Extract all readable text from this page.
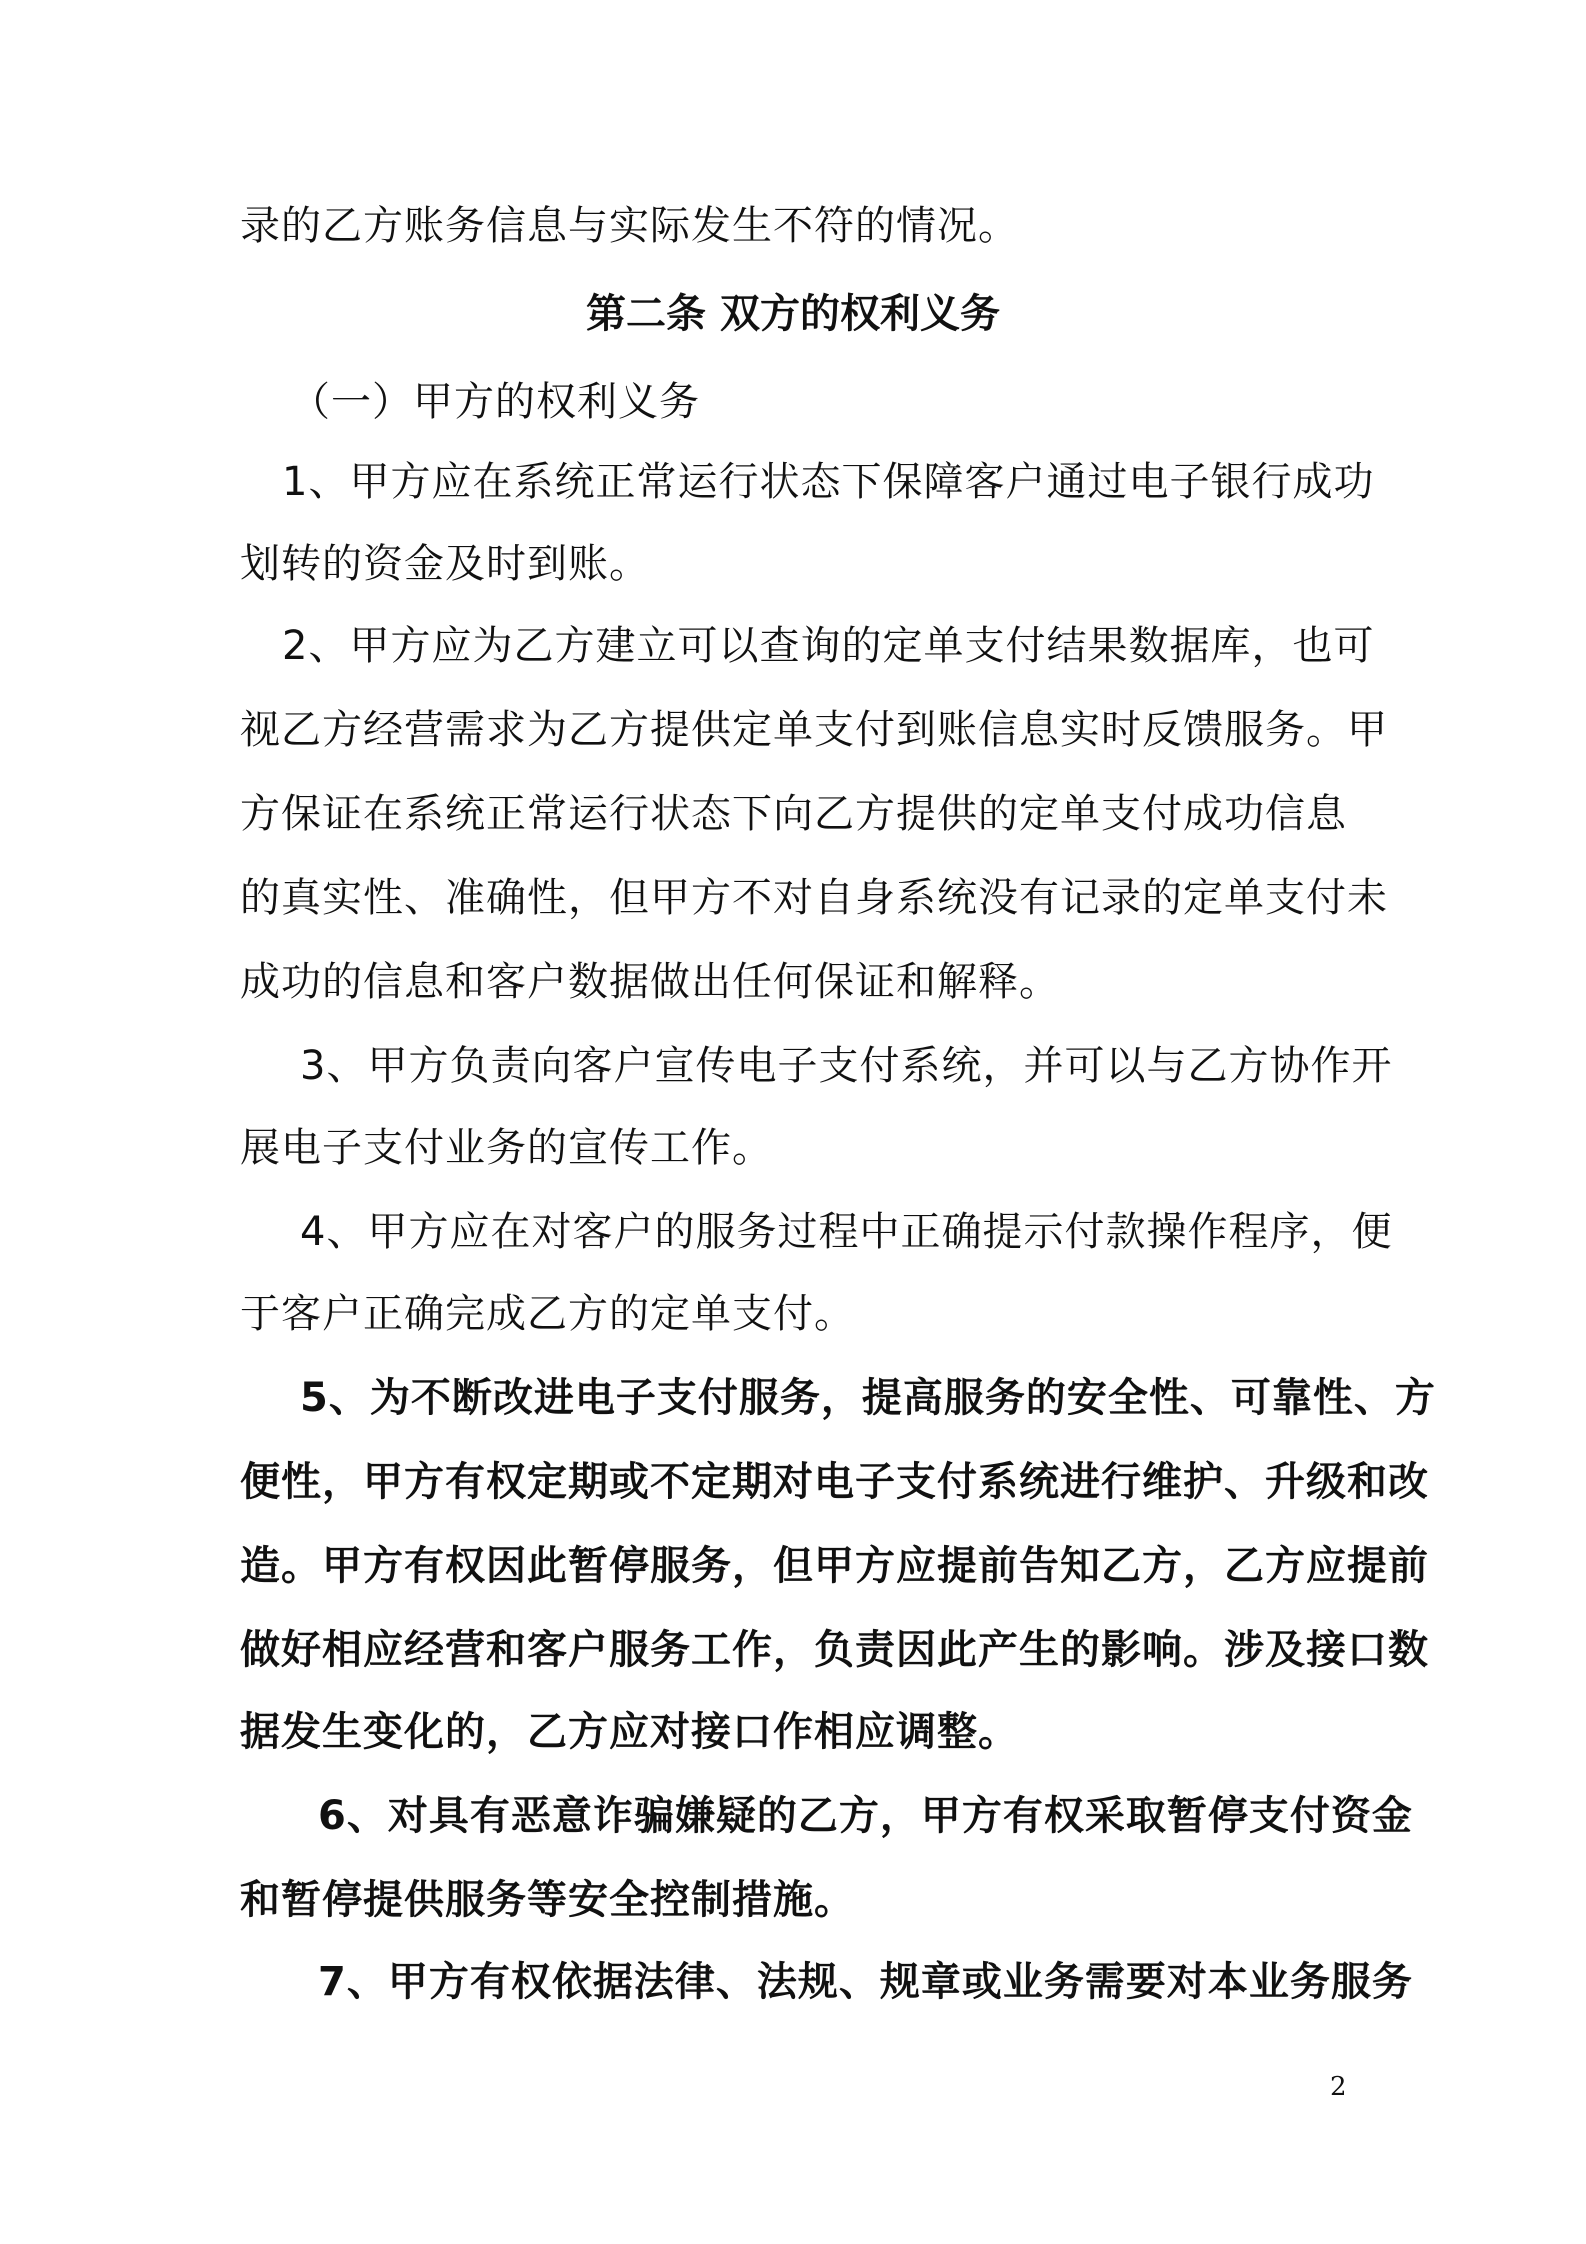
录的乙方账务信息与实际发生不符的情况。
第二条 双方的权利义务
（一）甲方的权利义务
1、甲方应在系统正常运行状态下保障客户通过电子银行成功
划转的资金及时到账。
2、甲方应为乙方建立可以查询的定单支付结果数据库，也可
视乙方经营需求为乙方提供定单支付到账信息实时反馈服务。甲
方保证在系统正常运行状态下向乙方提供的定单支付成功信息
的真实性、准确性，但甲方不对自身系统没有记录的定单支付未
成功的信息和客户数据做出任何保证和解释。
3、甲方负责向客户宣传电子支付系统，并可以与乙方协作开
展电子支付业务的宣传工作。
4、甲方应在对客户的服务过程中正确提示付款操作程序，便
于客户正确完成乙方的定单支付。
5、为不断改进电子支付服务，提高服务的安全性、可靠性、方
便性，甲方有权定期或不定期对电子支付系统进行维护、升级和改
造。甲方有权因此暂停服务，但甲方应提前告知乙方，乙方应提前
做好相应经营和客户服务工作，负责因此产生的影响。涉及接口数
据发生变化的，乙方应对接口作相应调整。
6、对具有恶意诈骗嫌疑的乙方，甲方有权采取暂停支付资金
和暂停提供服务等安全控制措施。
7、甲方有权依据法律、法规、规章或业务需要对本业务服务
2
